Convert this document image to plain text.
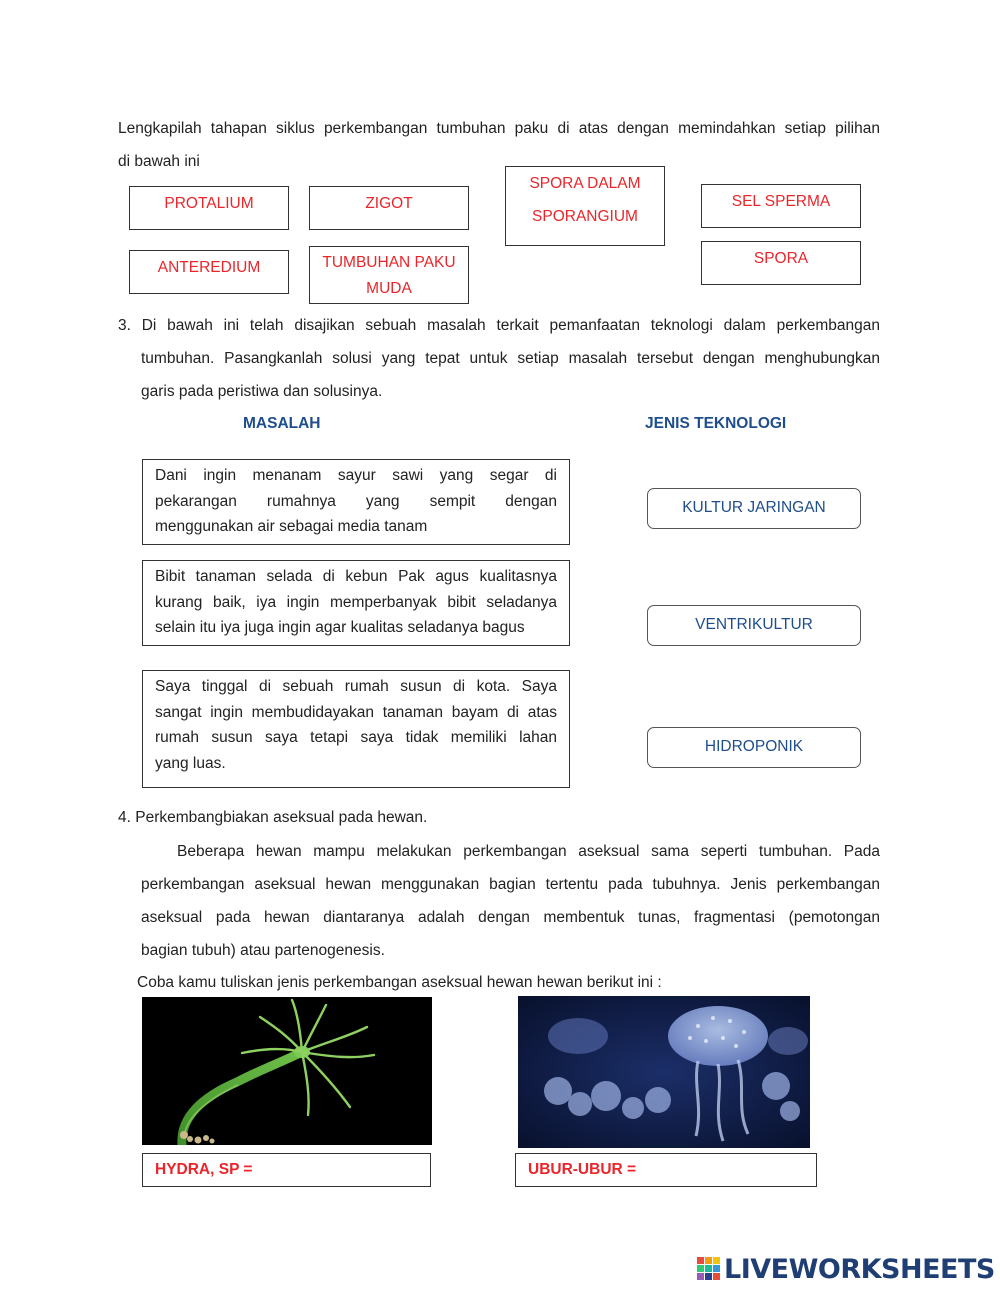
Lengkapilah tahapan siklus perkembangan tumbuhan paku di atas dengan memindahkan setiap pilihan
di bawah ini
PROTALIUM	ZIGOT
SPORA DALAM
SPORANGIUM
SEL SPERMA
ANTEREDIUM	TUMBUHAN PAKU
MUDA
SPORA
3. Di bawah ini telah disajikan sebuah masalah terkait pemanfaatan teknologi dalam perkembangan
tumbuhan. Pasangkanlah solusi yang tepat untuk setiap masalah tersebut dengan menghubungkan
garis pada peristiwa dan solusinya.
MASALAH	JENIS TEKNOLOGI
Dani ingin menanam sayur sawi yang segar di
pekarangan rumahnya yang sempit dengan
menggunakan air sebagai media tanam
Bibit tanaman selada di kebun Pak agus kualitasnya
kurang baik, iya ingin memperbanyak bibit seladanya
selain itu iya juga ingin agar kualitas seladanya bagus
Saya tinggal di sebuah rumah susun di kota. Saya
sangat ingin membudidayakan tanaman bayam di atas
rumah susun saya tetapi saya tidak memiliki lahan
yang luas.
KULTUR JARINGAN
VENTRIKULTUR
HIDROPONIK
4. Perkembangbiakan aseksual pada hewan.
Beberapa hewan mampu melakukan perkembangan aseksual sama seperti tumbuhan. Pada
perkembangan aseksual hewan menggunakan bagian tertentu pada tubuhnya. Jenis perkembangan
aseksual pada hewan diantaranya adalah dengan membentuk tunas, fragmentasi (pemotongan
bagian tubuh) atau partenogenesis.
Coba kamu tuliskan jenis perkembangan aseksual hewan hewan berikut ini :
HYDRA, SP =	UBUR-UBUR =
LIVEWORKSHEETS
